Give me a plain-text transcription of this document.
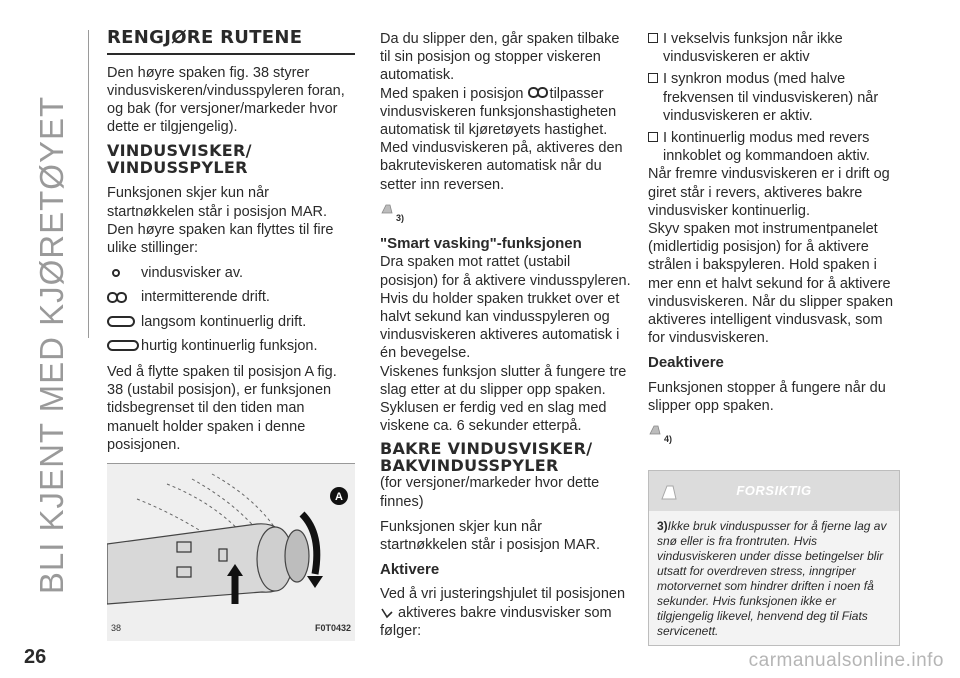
BLI KJENT MED KJØRETØYET
RENGJØRE RUTENE

Den høyre spaken fig. 38 styrer vindusviskeren/vindusspyleren foran, og bak (for versjoner/markeder hvor dette er tilgjengelig).

VINDUSVISKER/
VINDUSSPYLER

Funksjonen skjer kun når startnøkkelen står i posisjon MAR.

Den høyre spaken kan flyttes til fire ulike stillinger:

vindusvisker av.
intermitterende drift.
langsom kontinuerlig drift.
hurtig kontinuerlig funksjon.

Ved å flytte spaken til posisjon A fig. 38 (ustabil posisjon), er funksjonen tidsbegrenset til den tiden man manuelt holder spaken i denne posisjonen.

A
38	F0T0432

Da du slipper den, går spaken tilbake til sin posisjon og stopper viskeren automatisk.

Med spaken i posisjon tilpasser vindusviskeren funksjonshastigheten automatisk til kjøretøyets hastighet.

Med vindusviskeren på, aktiveres den bakruteviskeren automatisk når du setter inn reversen.

3)
"Smart vasking"-funksjonen

Dra spaken mot rattet (ustabil posisjon) for å aktivere vindusspyleren.

Hvis du holder spaken trukket over et halvt sekund kan vindusspyleren og vindusviskeren aktiveres automatisk i én bevegelse.

Viskenes funksjon slutter å fungere tre slag etter at du slipper opp spaken.

Syklusen er ferdig ved en slag med viskene ca. 6 sekunder etterpå.

BAKRE VINDUSVISKER/
BAKVINDUSSPYLER

(for versjoner/markeder hvor dette finnes)

Funksjonen skjer kun når startnøkkelen står i posisjon MAR.

Aktivere

Ved å vri justeringshjulet til posisjonen
aktiveres bakre vindusvisker som følger:

I vekselvis funksjon når ikke vindusviskeren er aktiv
I synkron modus (med halve frekvensen til vindusviskeren) når vindusviskeren er aktiv.
I kontinuerlig modus med revers innkoblet og kommandoen aktiv.

Når fremre vindusviskeren er i drift og giret står i revers, aktiveres bakre vindusvisker kontinuerlig.

Skyv spaken mot instrumentpanelet (midlertidig posisjon) for å aktivere strålen i bakspyleren. Hold spaken i mer enn et halvt sekund for å aktivere vindusviskeren. Når du slipper spaken aktiveres intelligent vindusvask, som for vindusviskeren.

Deaktivere

Funksjonen stopper å fungere når du slipper opp spaken.

4)
FORSIKTIG
3)Ikke bruk vinduspusser for å fjerne lag av snø eller is fra frontruten. Hvis vindusviskeren under disse betingelser blir utsatt for overdreven stress, inngriper motorvernet som hindrer driften i noen få sekunder. Hvis funksjonen ikke er tilgjengelig likevel, henvend deg til Fiats servicenett.
26	carmanualsonline.info
